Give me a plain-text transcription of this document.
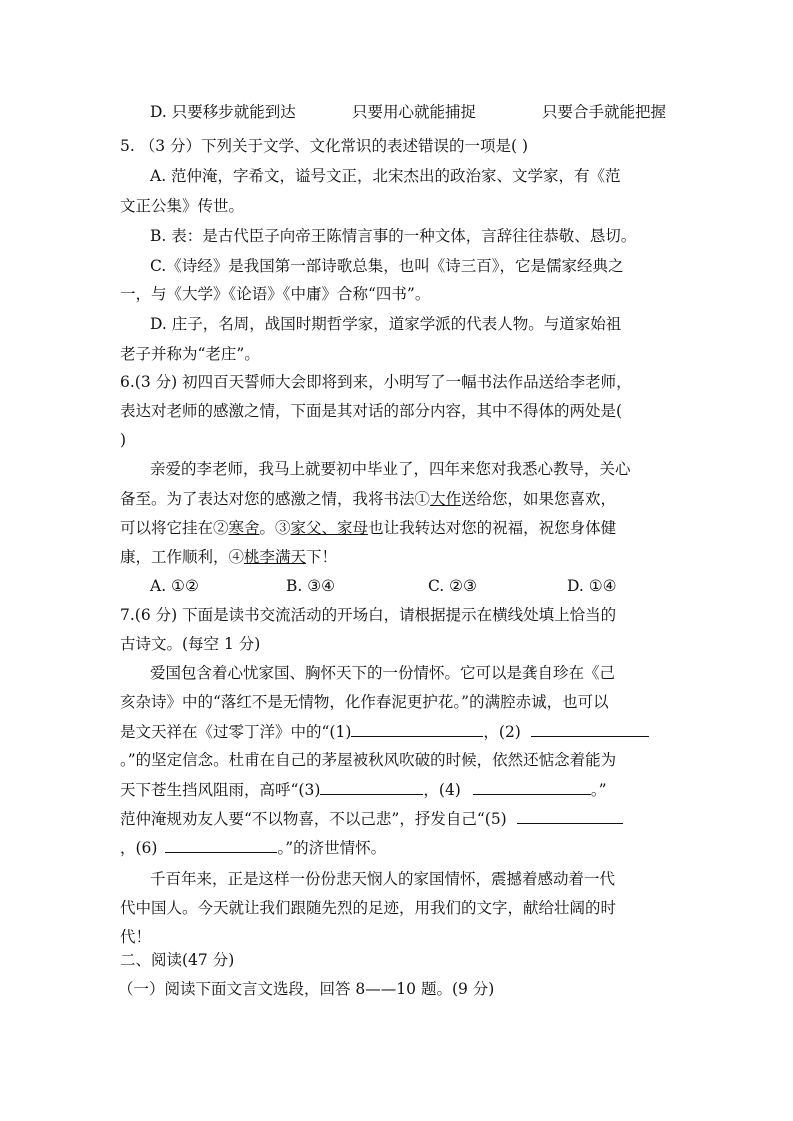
D. 只要移步就能到达	只要用心就能捕捉	只要合手就能把握
5. （3 分）下列关于文学、文化常识的表述错误的一项是( )
A. 范仲淹，字希文，谥号文正，北宋杰出的政治家、文学家，有《范
文正公集》传世。
B. 表：是古代臣子向帝王陈情言事的一种文体，言辞往往恭敬、恳切。
C.《诗经》是我国第一部诗歌总集，也叫《诗三百》，它是儒家经典之
一，与《大学》《论语》《中庸》合称“四书”。
D. 庄子，名周，战国时期哲学家，道家学派的代表人物。与道家始祖
老子并称为“老庄”。
6.(3 分) 初四百天誓师大会即将到来，小明写了一幅书法作品送给李老师，
表达对老师的感激之情，下面是其对话的部分内容，其中不得体的两处是(
)
亲爱的李老师，我马上就要初中毕业了，四年来您对我悉心教导，关心
备至。为了表达对您的感激之情，我将书法①大作送给您，如果您喜欢，
可以将它挂在②寒舍。③家父、家母也让我转达对您的祝福，祝您身体健
康，工作顺利，④桃李满天下！
A. ①②	B. ③④	C. ②③	D. ①④
7.(6 分) 下面是读书交流活动的开场白，请根据提示在横线处填上恰当的
古诗文。(每空 1 分)
爱国包含着心忧家国、胸怀天下的一份情怀。它可以是龚自珍在《己
亥杂诗》中的“落红不是无情物，化作春泥更护花。”的满腔赤诚，也可以
是文天祥在《过零丁洋》中的“(1)	，(2)
。”的坚定信念。杜甫在自己的茅屋被秋风吹破的时候，依然还惦念着能为
天下苍生挡风阻雨，高呼“(3)	，(4)	。”
范仲淹规劝友人要“不以物喜，不以己悲”，抒发自己“(5)
，(6)	。”的济世情怀。
千百年来，正是这样一份份悲天悯人的家国情怀，震撼着感动着一代
代中国人。今天就让我们跟随先烈的足迹，用我们的文字，献给壮阔的时
代！
二、阅读(47 分)
（一）阅读下面文言文选段，回答 8——10 题。(9 分)
